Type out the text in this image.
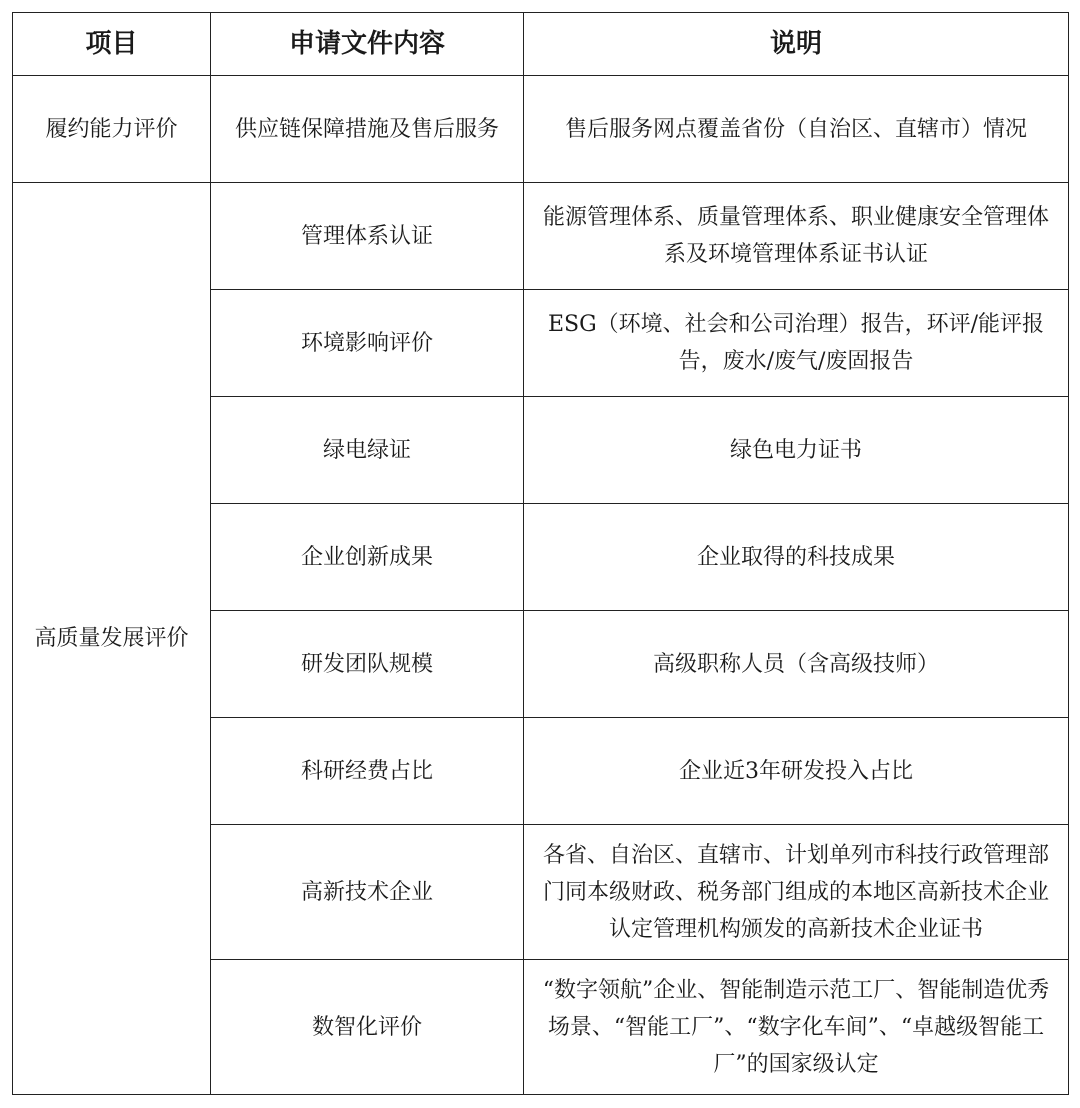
项目	申请文件内容	说明
履约能力评价	供应链保障措施及售后服务	售后服务网点覆盖省份（自治区、直辖市）情况
高质量发展评价	管理体系认证	能源管理体系、质量管理体系、职业健康安全管理体系及环境管理体系证书认证
	环境影响评价	ESG（环境、社会和公司治理）报告，环评/能评报告，废水/废气/废固报告
	绿电绿证	绿色电力证书
	企业创新成果	企业取得的科技成果
	研发团队规模	高级职称人员（含高级技师）
	科研经费占比	企业近3年研发投入占比
	高新技术企业	各省、自治区、直辖市、计划单列市科技行政管理部门同本级财政、税务部门组成的本地区高新技术企业认定管理机构颁发的高新技术企业证书
	数智化评价	“数字领航”企业、智能制造示范工厂、智能制造优秀场景、“智能工厂”、“数字化车间”、“卓越级智能工厂”的国家级认定
